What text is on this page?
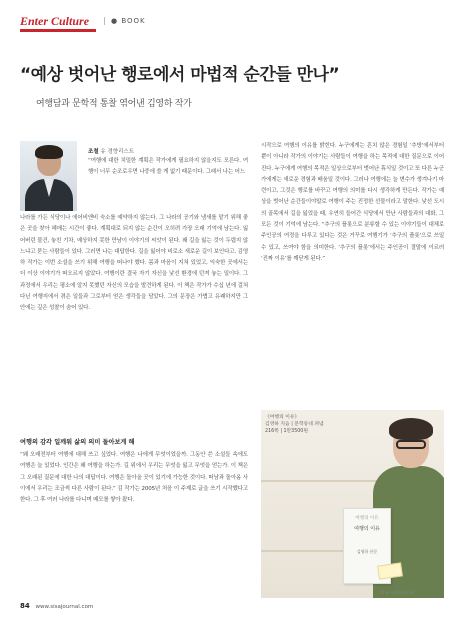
Enter Culture | ● BOOK
“예상 벗어난 행로에서 마법적 순간들 만나”
여행담과 문학적 통찰 엮어낸 김영하 작가
조철 유 경향리스트
“여행에 대한 치밀한 계획은 작가에게 필요하지 않을지도 모른다. 여행이 너무 순조로우면 나중에 쓸 게 없기 때문이다. 그래서 나는 어느
나라를 가든 식당이나 에어비앤비 숙소를 예약하지 않는다. 그 나라의 공기와 냄새를 맡기 위해 좋은 곳을 찾아 헤매는 시간이 좋다. 계획대로 되지 않는 순간이 오히려 가장 오래 기억에 남는다. 잃어버린 물건, 놓친 기차, 예상하지 못한 만남이 이야기의 씨앗이 된다. 왜 길을 잃는 것이 두렵지 않느냐고 묻는 사람들이 있다. 그러면 나는 대답한다. 길을 잃어야 비로소 새로운 길이 보인다고. 김영하 작가는 이번 소설을 쓰기 위해 여행을 떠나야 했다. 몸과 마음이 지쳐 있었고, 익숙한 곳에서는 더 이상 이야기가 떠오르지 않았다. 여행이란 결국 자기 자신을 낯선 환경에 던져 놓는 일이다. 그 과정에서 우리는 평소에 알지 못했던 자신의 모습을 발견하게 된다. 이 책은 작가가 수십 년에 걸쳐 다닌 여행지에서 겪은 일들과 그로부터 얻은 생각들을 담았다. 그의 문장은 가볍고 유쾌하지만 그 안에는 깊은 성찰이 숨어 있다.
여행의 감각 일깨워 삶의 의미 돌아보게 해
“왜 오래전부터 여행에 대해 쓰고 싶었다. 여행은 나에게 무엇이었을까. 그동안 쓴 소설들 속에도 여행은 늘 있었다. 인간은 왜 여행을 하는가. 길 위에서 우리는 무엇을 잃고 무엇을 얻는가. 이 책은 그 오래된 질문에 대한 나의 대답이다. 여행은 돌아올 곳이 있기에 가능한 것이다. 떠남과 돌아옴 사이에서 우리는 조금씩 다른 사람이 된다.” 김 작가는 2005년 처음 이 주제로 글을 쓰기 시작했다고 한다. 그 후 여러 나라를 다니며 메모를 쌓아 왔다.
시작으로 여행의 이유를 밝힌다. 누구에게는 흔치 않은 경험일 ‘추방’에서부터 뿐이 아니라 작가의 이야기는 사람들이 여행을 하는 목적에 대한 질문으로 이어진다. 누구에게 여행의 목적은 일상으로부터 벗어난 휴식일 것이고 또 다른 누군가에게는 새로운 경험과 배움일 것이다. 그러나 여행에는 늘 변수가 생겨나기 마련이고, 그것은 행로를 바꾸고 여행의 의미를 다시 생각하게 만든다. 작가는 예상을 벗어난 순간들이야말로 여행이 주는 진정한 선물이라고 말한다. 낯선 도시의 골목에서 길을 잃었을 때, 우연히 들어간 식당에서 만난 사람들과의 대화, 그 모든 것이 기억에 남는다. “추구의 플롯으로 분류할 수 있는 이야기들이 대체로 주인공의 여정을 다루고 있다는 것은 거꾸로 여행기가 ‘추구의 플롯’으로 쓰일 수 있고, 쓰여야 함을 의미한다. ‘추구의 플롯’에서는 주인공이 결말에 이르러 ‘진짜 이유’를 깨닫게 된다.”
《여행의 이유》
김영하 지음 | 문학동네 펴냄
216쪽 | 1만3500원
여행의 이유
여행의 이유
김영하 산문
© 뉴스원/문학동네
84 www.sisajournal.com
